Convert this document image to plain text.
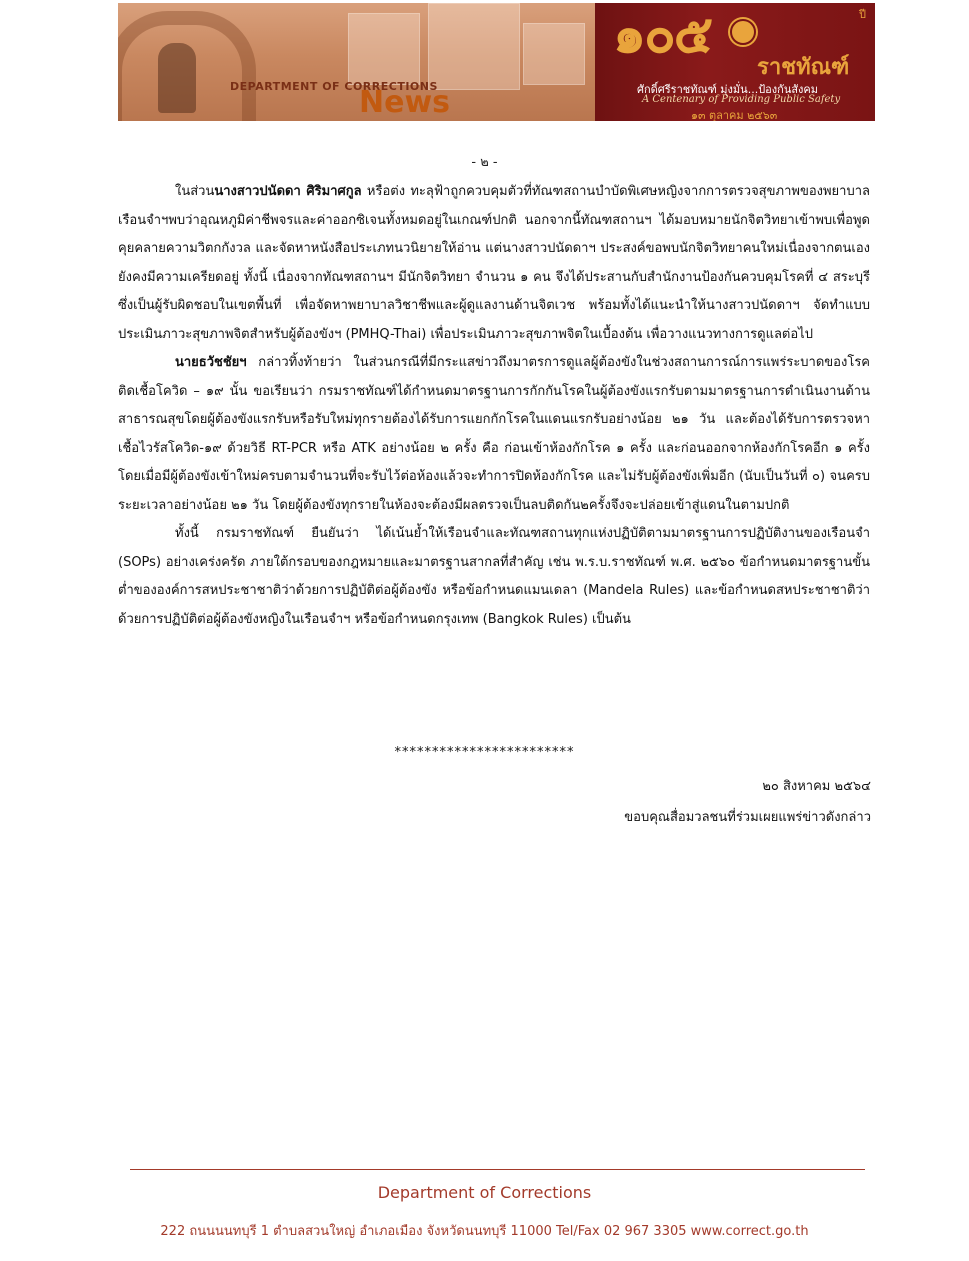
DEPARTMENT OF CORRECTIONS
News
๑๐๕	ปี
ราชทัณฑ์
ศักดิ์ศรีราชทัณฑ์ มุ่งมั่น...ป้องกันสังคม
A Centenary of Providing Public Safety
๑๓ ตุลาคม ๒๕๖๓
- ๒ -

ในส่วนนางสาวปนัดดา ศิริมาศกูล หรือต่ง ทะลุฟ้าถูกควบคุมตัวที่ทัณฑสถานบำบัดพิเศษหญิงจากการตรวจสุขภาพของพยาบาลเรือนจำฯพบว่าอุณหภูมิค่าชีพจรและค่าออกซิเจนทั้งหมดอยู่ในเกณฑ์ปกติ นอกจากนี้ทัณฑสถานฯ ได้มอบหมายนักจิตวิทยาเข้าพบเพื่อพูดคุยคลายความวิตกกังวล และจัดหาหนังสือประเภทนวนิยายให้อ่าน แต่นางสาวปนัดดาฯ ประสงค์ขอพบนักจิตวิทยาคนใหม่เนื่องจากตนเองยังคงมีความเครียดอยู่ ทั้งนี้ เนื่องจากทัณฑสถานฯ มีนักจิตวิทยา จำนวน ๑ คน จึงได้ประสานกับสำนักงานป้องกันควบคุมโรคที่ ๔ สระบุรี ซึ่งเป็นผู้รับผิดชอบในเขตพื้นที่ เพื่อจัดหาพยาบาลวิชาชีพและผู้ดูแลงานด้านจิตเวช พร้อมทั้งได้แนะนำให้นางสาวปนัดดาฯ จัดทำแบบประเมินภาวะสุขภาพจิตสำหรับผู้ต้องขังฯ (PMHQ-Thai) เพื่อประเมินภาวะสุขภาพจิตในเบื้องต้น เพื่อวางแนวทางการดูแลต่อไป

นายธวัชชัยฯ กล่าวทิ้งท้ายว่า ในส่วนกรณีที่มีกระแสข่าวถึงมาตรการดูแลผู้ต้องขังในช่วงสถานการณ์การแพร่ระบาดของโรคติดเชื้อโควิด – ๑๙ นั้น ขอเรียนว่า กรมราชทัณฑ์ได้กำหนดมาตรฐานการกักกันโรคในผู้ต้องขังแรกรับตามมาตรฐานการดำเนินงานด้านสาธารณสุขโดยผู้ต้องขังแรกรับหรือรับใหม่ทุกรายต้องได้รับการแยกกักโรคในแดนแรกรับอย่างน้อย ๒๑ วัน และต้องได้รับการตรวจหาเชื้อไวรัสโควิด-๑๙ ด้วยวิธี RT-PCR หรือ ATK อย่างน้อย ๒ ครั้ง คือ ก่อนเข้าห้องกักโรค ๑ ครั้ง และก่อนออกจากห้องกักโรคอีก ๑ ครั้ง โดยเมื่อมีผู้ต้องขังเข้าใหม่ครบตามจำนวนที่จะรับไว้ต่อห้องแล้วจะทำการปิดห้องกักโรค และไม่รับผู้ต้องขังเพิ่มอีก (นับเป็นวันที่ ๐) จนครบระยะเวลาอย่างน้อย ๒๑ วัน โดยผู้ต้องขังทุกรายในห้องจะต้องมีผลตรวจเป็นลบติดกัน๒ครั้งจึงจะปล่อยเข้าสู่แดนในตามปกติ

ทั้งนี้ กรมราชทัณฑ์ ยืนยันว่า ได้เน้นย้ำให้เรือนจำและทัณฑสถานทุกแห่งปฏิบัติตามมาตรฐานการปฏิบัติงานของเรือนจำ (SOPs) อย่างเคร่งครัด ภายใต้กรอบของกฎหมายและมาตรฐานสากลที่สำคัญ เช่น พ.ร.บ.ราชทัณฑ์ พ.ศ. ๒๕๖๐ ข้อกำหนดมาตรฐานขั้นต่ำขององค์การสหประชาชาติว่าด้วยการปฏิบัติต่อผู้ต้องขัง หรือข้อกำหนดแมนเดลา (Mandela Rules) และข้อกำหนดสหประชาชาติว่าด้วยการปฏิบัติต่อผู้ต้องขังหญิงในเรือนจำฯ หรือข้อกำหนดกรุงเทพ (Bangkok Rules) เป็นต้น

************************
๒๐ สิงหาคม ๒๕๖๔
ขอบคุณสื่อมวลชนที่ร่วมเผยแพร่ข่าวดังกล่าว
Department of Corrections
222 ถนนนนทบุรี 1 ตำบลสวนใหญ่ อำเภอเมือง จังหวัดนนทบุรี 11000 Tel/Fax 02 967 3305 www.correct.go.th
